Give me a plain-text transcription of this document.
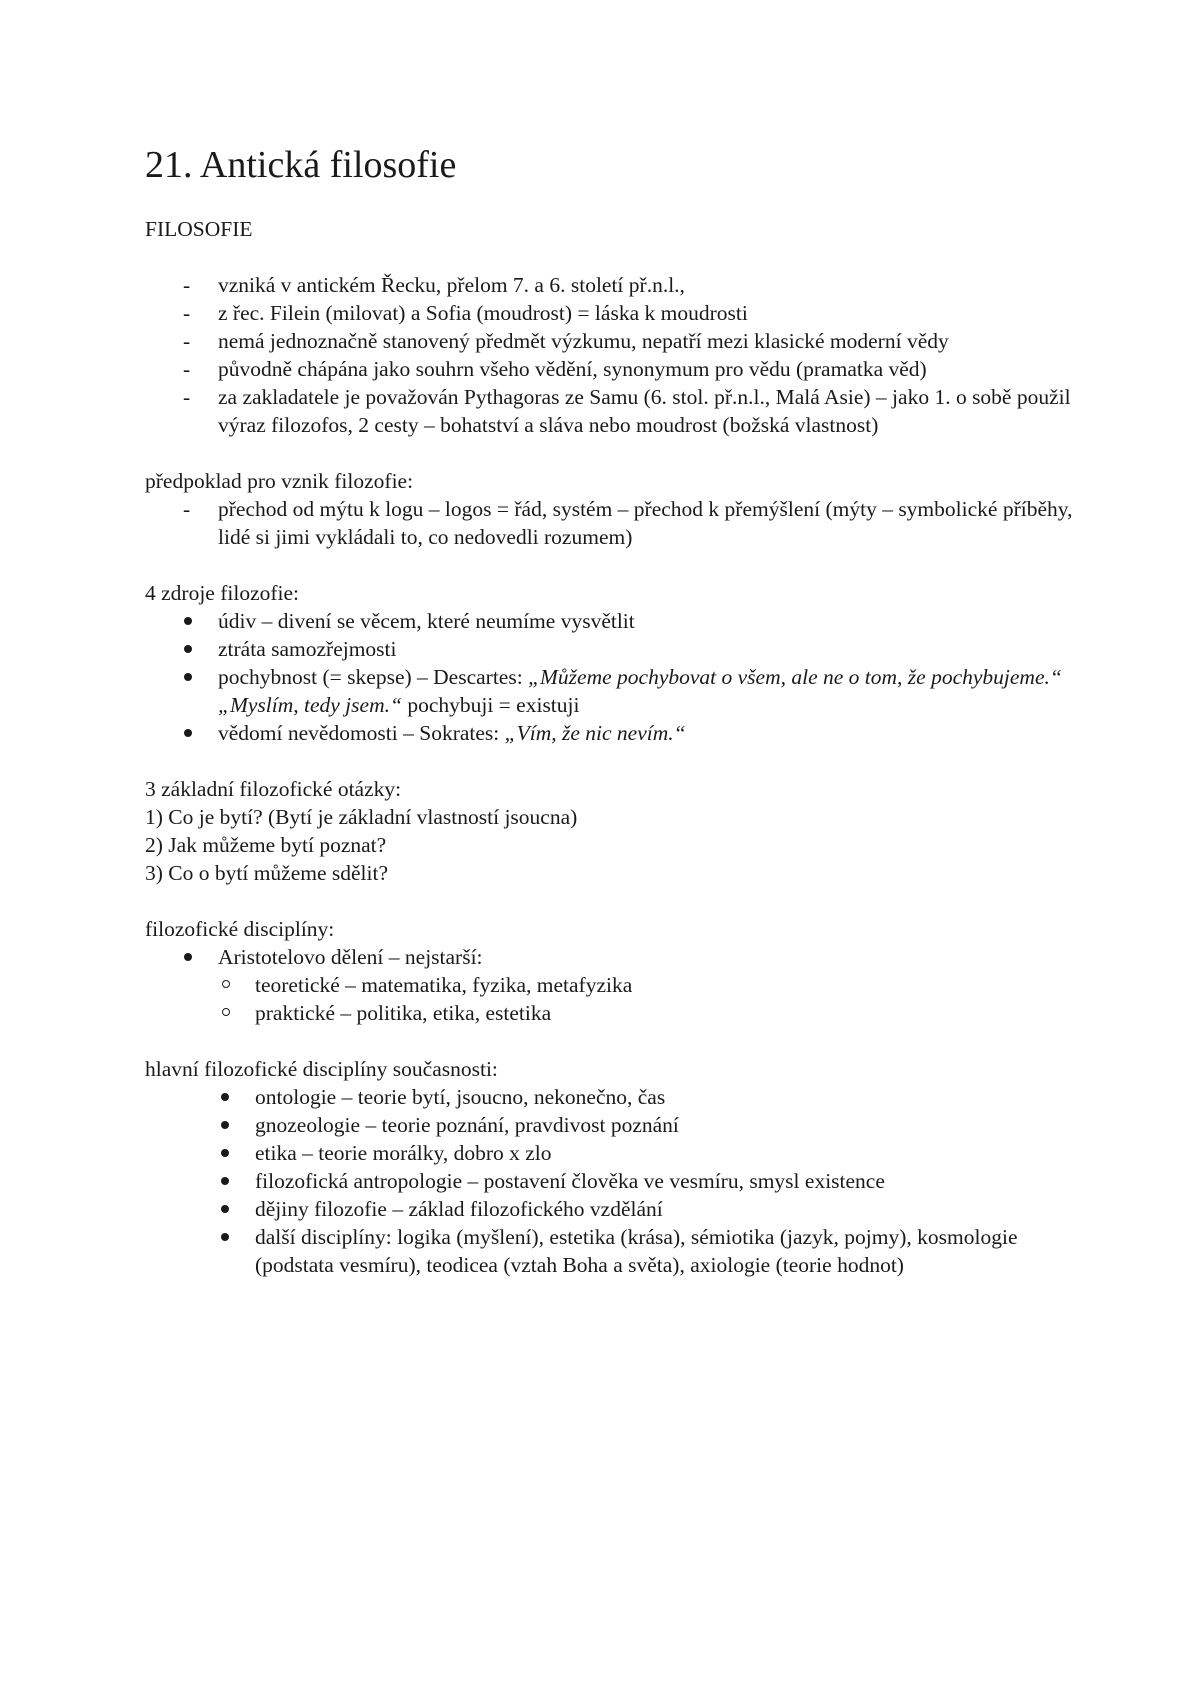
21. Antická filosofie

FILOSOFIE

- vzniká v antickém Řecku, přelom 7. a 6. století př.n.l.,
- z řec. Filein (milovat) a Sofia (moudrost) = láska k moudrosti
- nemá jednoznačně stanovený předmět výzkumu, nepatří mezi klasické moderní vědy
- původně chápána jako souhrn všeho vědění, synonymum pro vědu (pramatka věd)
- za zakladatele je považován Pythagoras ze Samu (6. stol. př.n.l., Malá Asie) – jako 1. o sobě použil výraz filozofos, 2 cesty – bohatství a sláva nebo moudrost (božská vlastnost)

předpoklad pro vznik filozofie:

- přechod od mýtu k logu – logos = řád, systém – přechod k přemýšlení (mýty – symbolické příběhy, lidé si jimi vykládali to, co nedovedli rozumem)

4 zdroje filozofie:

údiv – divení se věcem, které neumíme vysvětlit
ztráta samozřejmosti
pochybnost (= skepse) – Descartes: „Můžeme pochybovat o všem, ale ne o tom, že pochybujeme.“ „Myslím, tedy jsem.“ pochybuji = existuji
vědomí nevědomosti – Sokrates: „Vím, že nic nevím.“

3 základní filozofické otázky:

1) Co je bytí? (Bytí je základní vlastností jsoucna)

2) Jak můžeme bytí poznat?

3) Co o bytí můžeme sdělit?

filozofické disciplíny:

Aristotelovo dělení – nejstarší:
teoretické – matematika, fyzika, metafyzika
praktické – politika, etika, estetika

hlavní filozofické disciplíny současnosti:

ontologie – teorie bytí, jsoucno, nekonečno, čas
gnozeologie – teorie poznání, pravdivost poznání
etika – teorie morálky, dobro x zlo
filozofická antropologie – postavení člověka ve vesmíru, smysl existence
dějiny filozofie – základ filozofického vzdělání
další disciplíny: logika (myšlení), estetika (krása), sémiotika (jazyk, pojmy), kosmologie (podstata vesmíru), teodicea (vztah Boha a světa), axiologie (teorie hodnot)
